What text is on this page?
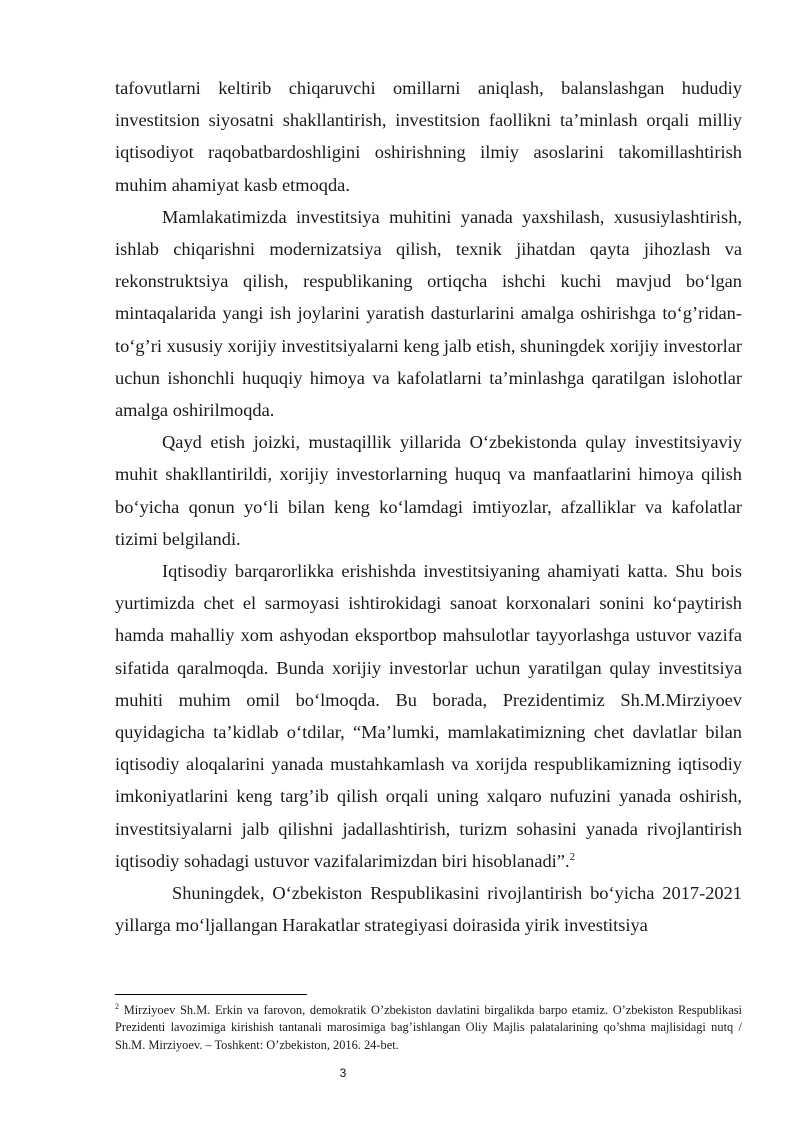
tafovutlarni keltirib chiqaruvchi omillarni aniqlash, balanslashgan hududiy investitsion siyosatni shakllantirish, investitsion faollikni ta’minlash orqali milliy iqtisodiyot raqobatbardoshligini oshirishning ilmiy asoslarini takomillashtirish muhim ahamiyat kasb etmoqda.

Mamlakatimizda investitsiya muhitini yanada yaxshilash, xususiylashtirish, ishlab chiqarishni modernizatsiya qilish, texnik jihatdan qayta jihozlash va rekonstruktsiya qilish, respublikaning ortiqcha ishchi kuchi mavjud bo‘lgan mintaqalarida yangi ish joylarini yaratish dasturlarini amalga oshirishga to‘g’ridan-to‘g’ri xususiy xorijiy investitsiyalarni keng jalb etish, shuningdek xorijiy investorlar uchun ishonchli huquqiy himoya va kafolatlarni ta’minlashga qaratilgan islohotlar amalga oshirilmoqda.

Qayd etish joizki, mustaqillik yillarida O‘zbekistonda qulay investitsiyaviy muhit shakllantirildi, xorijiy investorlarning huquq va manfaatlarini himoya qilish bo‘yicha qonun yo‘li bilan keng ko‘lamdagi imtiyozlar, afzalliklar va kafolatlar tizimi belgilandi.

Iqtisodiy barqarorlikka erishishda investitsiyaning ahamiyati katta. Shu bois yurtimizda chet el sarmoyasi ishtirokidagi sanoat korxonalari sonini ko‘paytirish hamda mahalliy xom ashyodan eksportbop mahsulotlar tayyorlashga ustuvor vazifa sifatida qaralmoqda. Bunda xorijiy investorlar uchun yaratilgan qulay investitsiya muhiti muhim omil bo‘lmoqda. Bu borada, Prezidentimiz Sh.M.Mirziyoev quyidagicha ta’kidlab o‘tdilar, “Ma’lumki, mamlakatimizning chet davlatlar bilan iqtisodiy aloqalarini yanada mustahkamlash va xorijda respublikamizning iqtisodiy imkoniyatlarini keng targ’ib qilish orqali uning xalqaro nufuzini yanada oshirish, investitsiyalarni jalb qilishni jadallashtirish, turizm sohasini yanada rivojlantirish iqtisodiy sohadagi ustuvor vazifalarimizdan biri hisoblanadi”.$^2$

Shuningdek, O‘zbekiston Respublikasini rivojlantirish bo‘yicha 2017-2021 yillarga mo‘ljallangan Harakatlar strategiyasi doirasida yirik investitsiya

$^2$ Mirziyoev Sh.M. Erkin va farovon, demokratik O’zbekiston davlatini birgalikda barpo etamiz. O’zbekiston Respublikasi Prezidenti lavozimiga kirishish tantanali marosimiga bag’ishlangan Oliy Majlis palatalarining qo’shma majlisidagi nutq / Sh.M. Mirziyoev. – Toshkent: O’zbekiston, 2016. 24-bet.
3
